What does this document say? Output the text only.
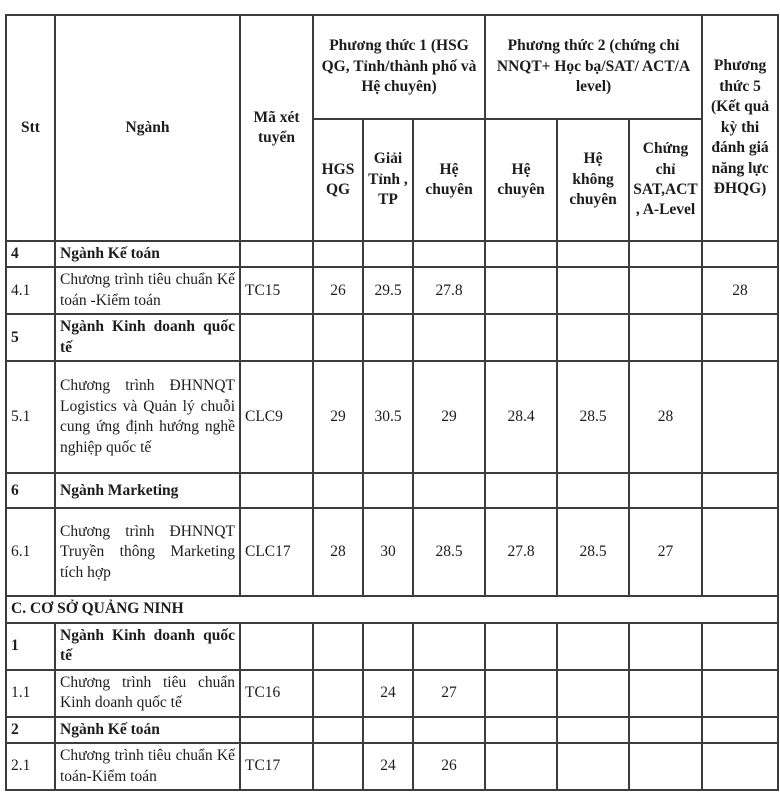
Stt	Ngành	Mã xét tuyển	Phương thức 1 (HSG QG, Tỉnh/thành phố và Hệ chuyên)			Phương thức 2 (chứng chỉ NNQT+ Học bạ/SAT/ ACT/A level)			Phương thức 5 (Kết quả kỳ thi đánh giá năng lực ĐHQG)
			HGS QG	Giải Tỉnh , TP	Hệ chuyên	Hệ chuyên	Hệ không chuyên	Chứng chỉ SAT,ACT, A-Level	
4	Ngành Kế toán								
4.1	Chương trình tiêu chuẩn Kế toán -Kiểm toán	TC15	26	29.5	27.8				28
5	Ngành Kinh doanh quốc tế								
5.1	Chương trình ĐHNNQT Logistics và Quản lý chuỗi cung ứng định hướng nghề nghiệp quốc tế	CLC9	29	30.5	29	28.4	28.5	28	
6	Ngành Marketing								
6.1	Chương trình ĐHNNQT Truyền thông Marketing tích hợp	CLC17	28	30	28.5	27.8	28.5	27	
C. CƠ SỞ QUẢNG NINH									
1	Ngành Kinh doanh quốc tế								
1.1	Chương trình tiêu chuẩn Kinh doanh quốc tế	TC16		24	27				
2	Ngành Kế toán								
2.1	Chương trình tiêu chuẩn Kế toán-Kiểm toán	TC17		24	26				
